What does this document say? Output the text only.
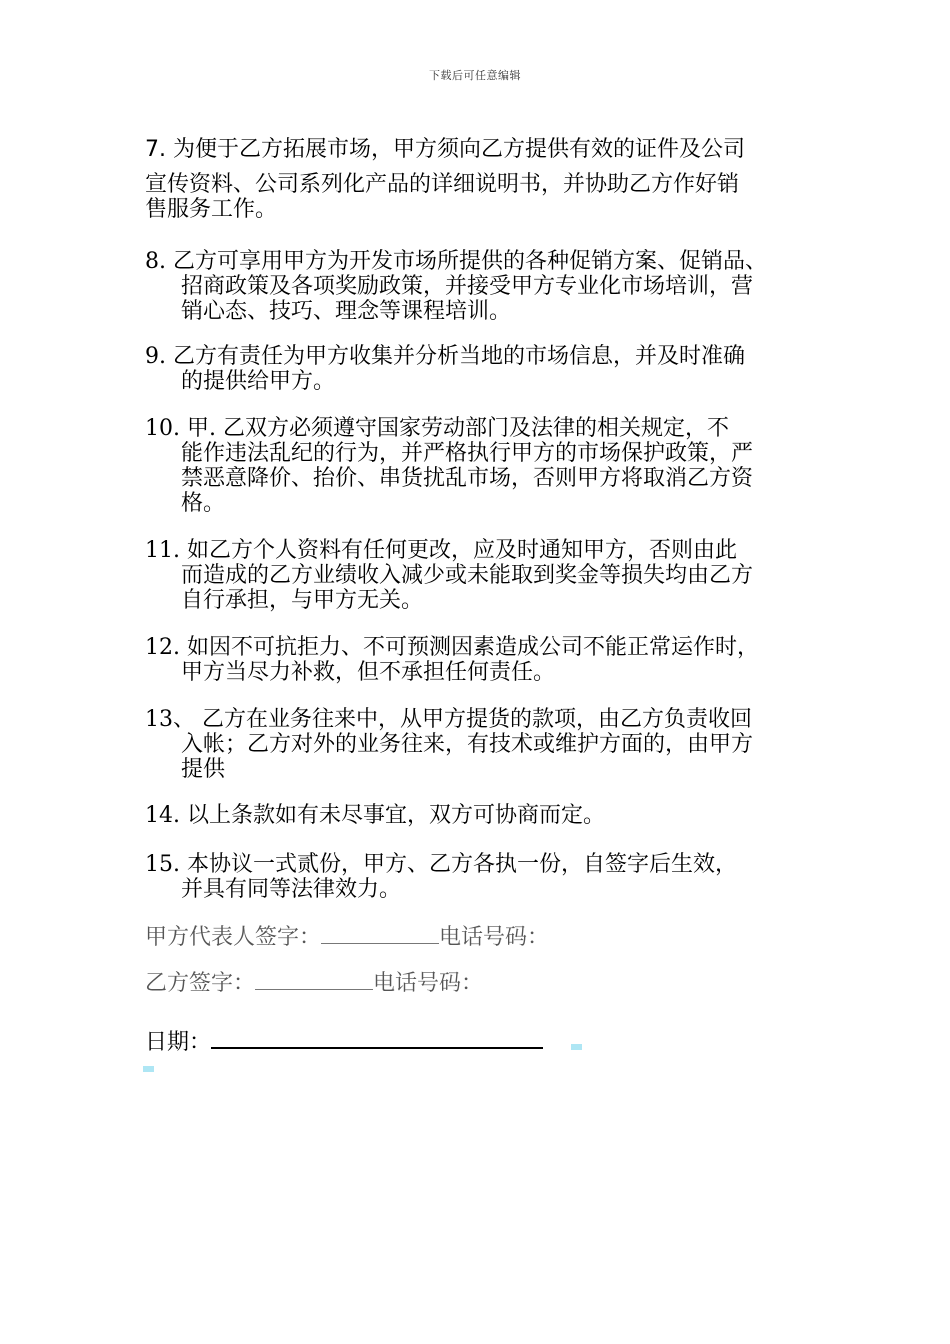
下载后可任意编辑
7. 为便于乙方拓展市场，甲方须向乙方提供有效的证件及公司
宣传资料、公司系列化产品的详细说明书，并协助乙方作好销
售服务工作。
8. 乙方可享用甲方为开发市场所提供的各种促销方案、促销品、
招商政策及各项奖励政策，并接受甲方专业化市场培训，营
销心态、技巧、理念等课程培训。
9. 乙方有责任为甲方收集并分析当地的市场信息，并及时准确
的提供给甲方。
10. 甲. 乙双方必须遵守国家劳动部门及法律的相关规定，不
能作违法乱纪的行为，并严格执行甲方的市场保护政策，严
禁恶意降价、抬价、串货扰乱市场，否则甲方将取消乙方资
格。
11. 如乙方个人资料有任何更改，应及时通知甲方，否则由此
而造成的乙方业绩收入减少或未能取到奖金等损失均由乙方
自行承担，与甲方无关。
12. 如因不可抗拒力、不可预测因素造成公司不能正常运作时，
甲方当尽力补救，但不承担任何责任。
13、 乙方在业务往来中，从甲方提货的款项，由乙方负责收回
入帐；乙方对外的业务往来，有技术或维护方面的，由甲方
提供
14. 以上条款如有未尽事宜，双方可协商而定。
15. 本协议一式贰份，甲方、乙方各执一份，自签字后生效，
并具有同等法律效力。
甲方代表人签字：	电话号码：
乙方签字：	电话号码：
日期：
